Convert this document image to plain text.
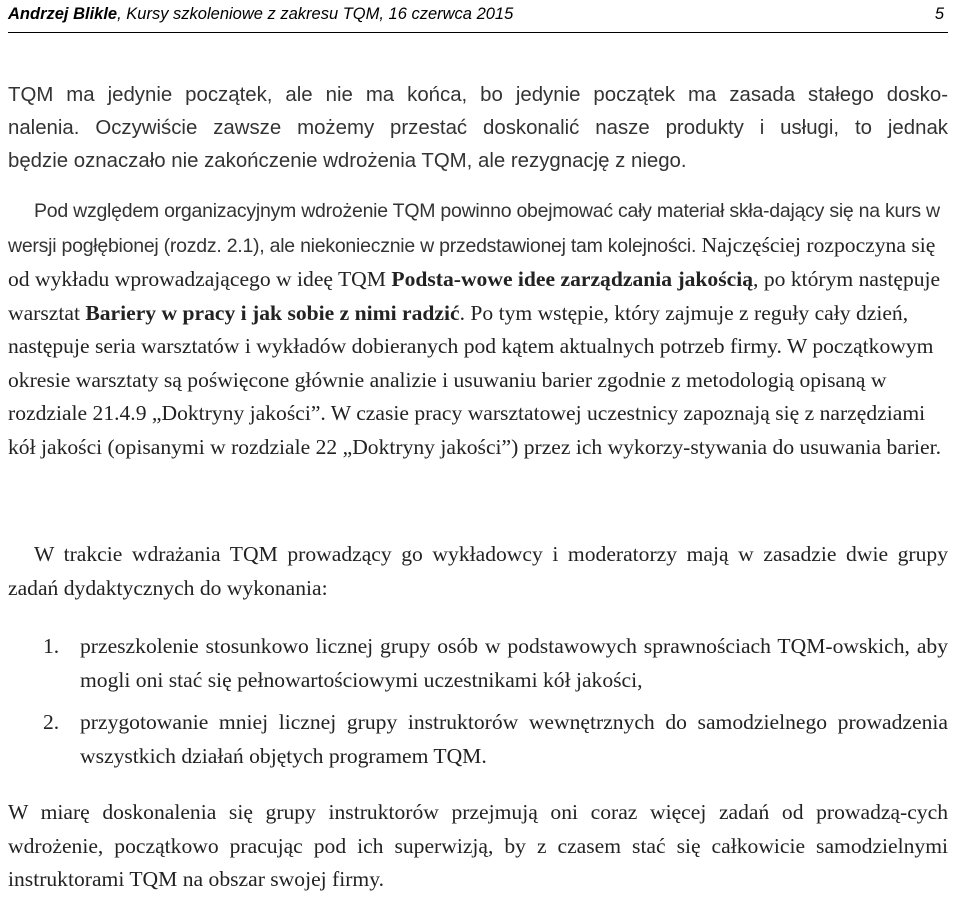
Andrzej Blikle, Kursy szkoleniowe z zakresu TQM, 16 czerwca 2015	5
TQM ma jedynie początek, ale nie ma końca, bo jedynie początek ma zasada stałego dosko-
nalenia. Oczywiście zawsze możemy przestać doskonalić nasze produkty i usługi, to jednak
będzie oznaczało nie zakończenie wdrożenia TQM, ale rezygnację z niego.

Pod względem organizacyjnym wdrożenie TQM powinno obejmować cały materiał skła-dający się na kurs w wersji pogłębionej (rozdz. 2.1), ale niekoniecznie w przedstawionej tam kolejności. Najczęściej rozpoczyna się od wykładu wprowadzającego w ideę TQM Podsta-wowe idee zarządzania jakością, po którym następuje warsztat Bariery w pracy i jak sobie z nimi radzić. Po tym wstępie, który zajmuje z reguły cały dzień, następuje seria warsztatów i wykładów dobieranych pod kątem aktualnych potrzeb firmy. W początkowym okresie warsztaty są poświęcone głównie analizie i usuwaniu barier zgodnie z metodologią opisaną w rozdziale 21.4.9 „Doktryny jakości”. W czasie pracy warsztatowej uczestnicy zapoznają się z narzędziami kół jakości (opisanymi w rozdziale 22 „Doktryny jakości”) przez ich wykorzy-stywania do usuwania barier.

W trakcie wdrażania TQM prowadzący go wykładowcy i moderatorzy mają w zasadzie dwie grupy zadań dydaktycznych do wykonania:

1. przeszkolenie stosunkowo licznej grupy osób w podstawowych sprawnościach TQM-owskich, aby mogli oni stać się pełnowartościowymi uczestnikami kół jakości,
2. przygotowanie mniej licznej grupy instruktorów wewnętrznych do samodzielnego prowadzenia wszystkich działań objętych programem TQM.

W miarę doskonalenia się grupy instruktorów przejmują oni coraz więcej zadań od prowadzą-cych wdrożenie, początkowo pracując pod ich superwizją, by z czasem stać się całkowicie samodzielnymi instruktorami TQM na obszar swojej firmy.
